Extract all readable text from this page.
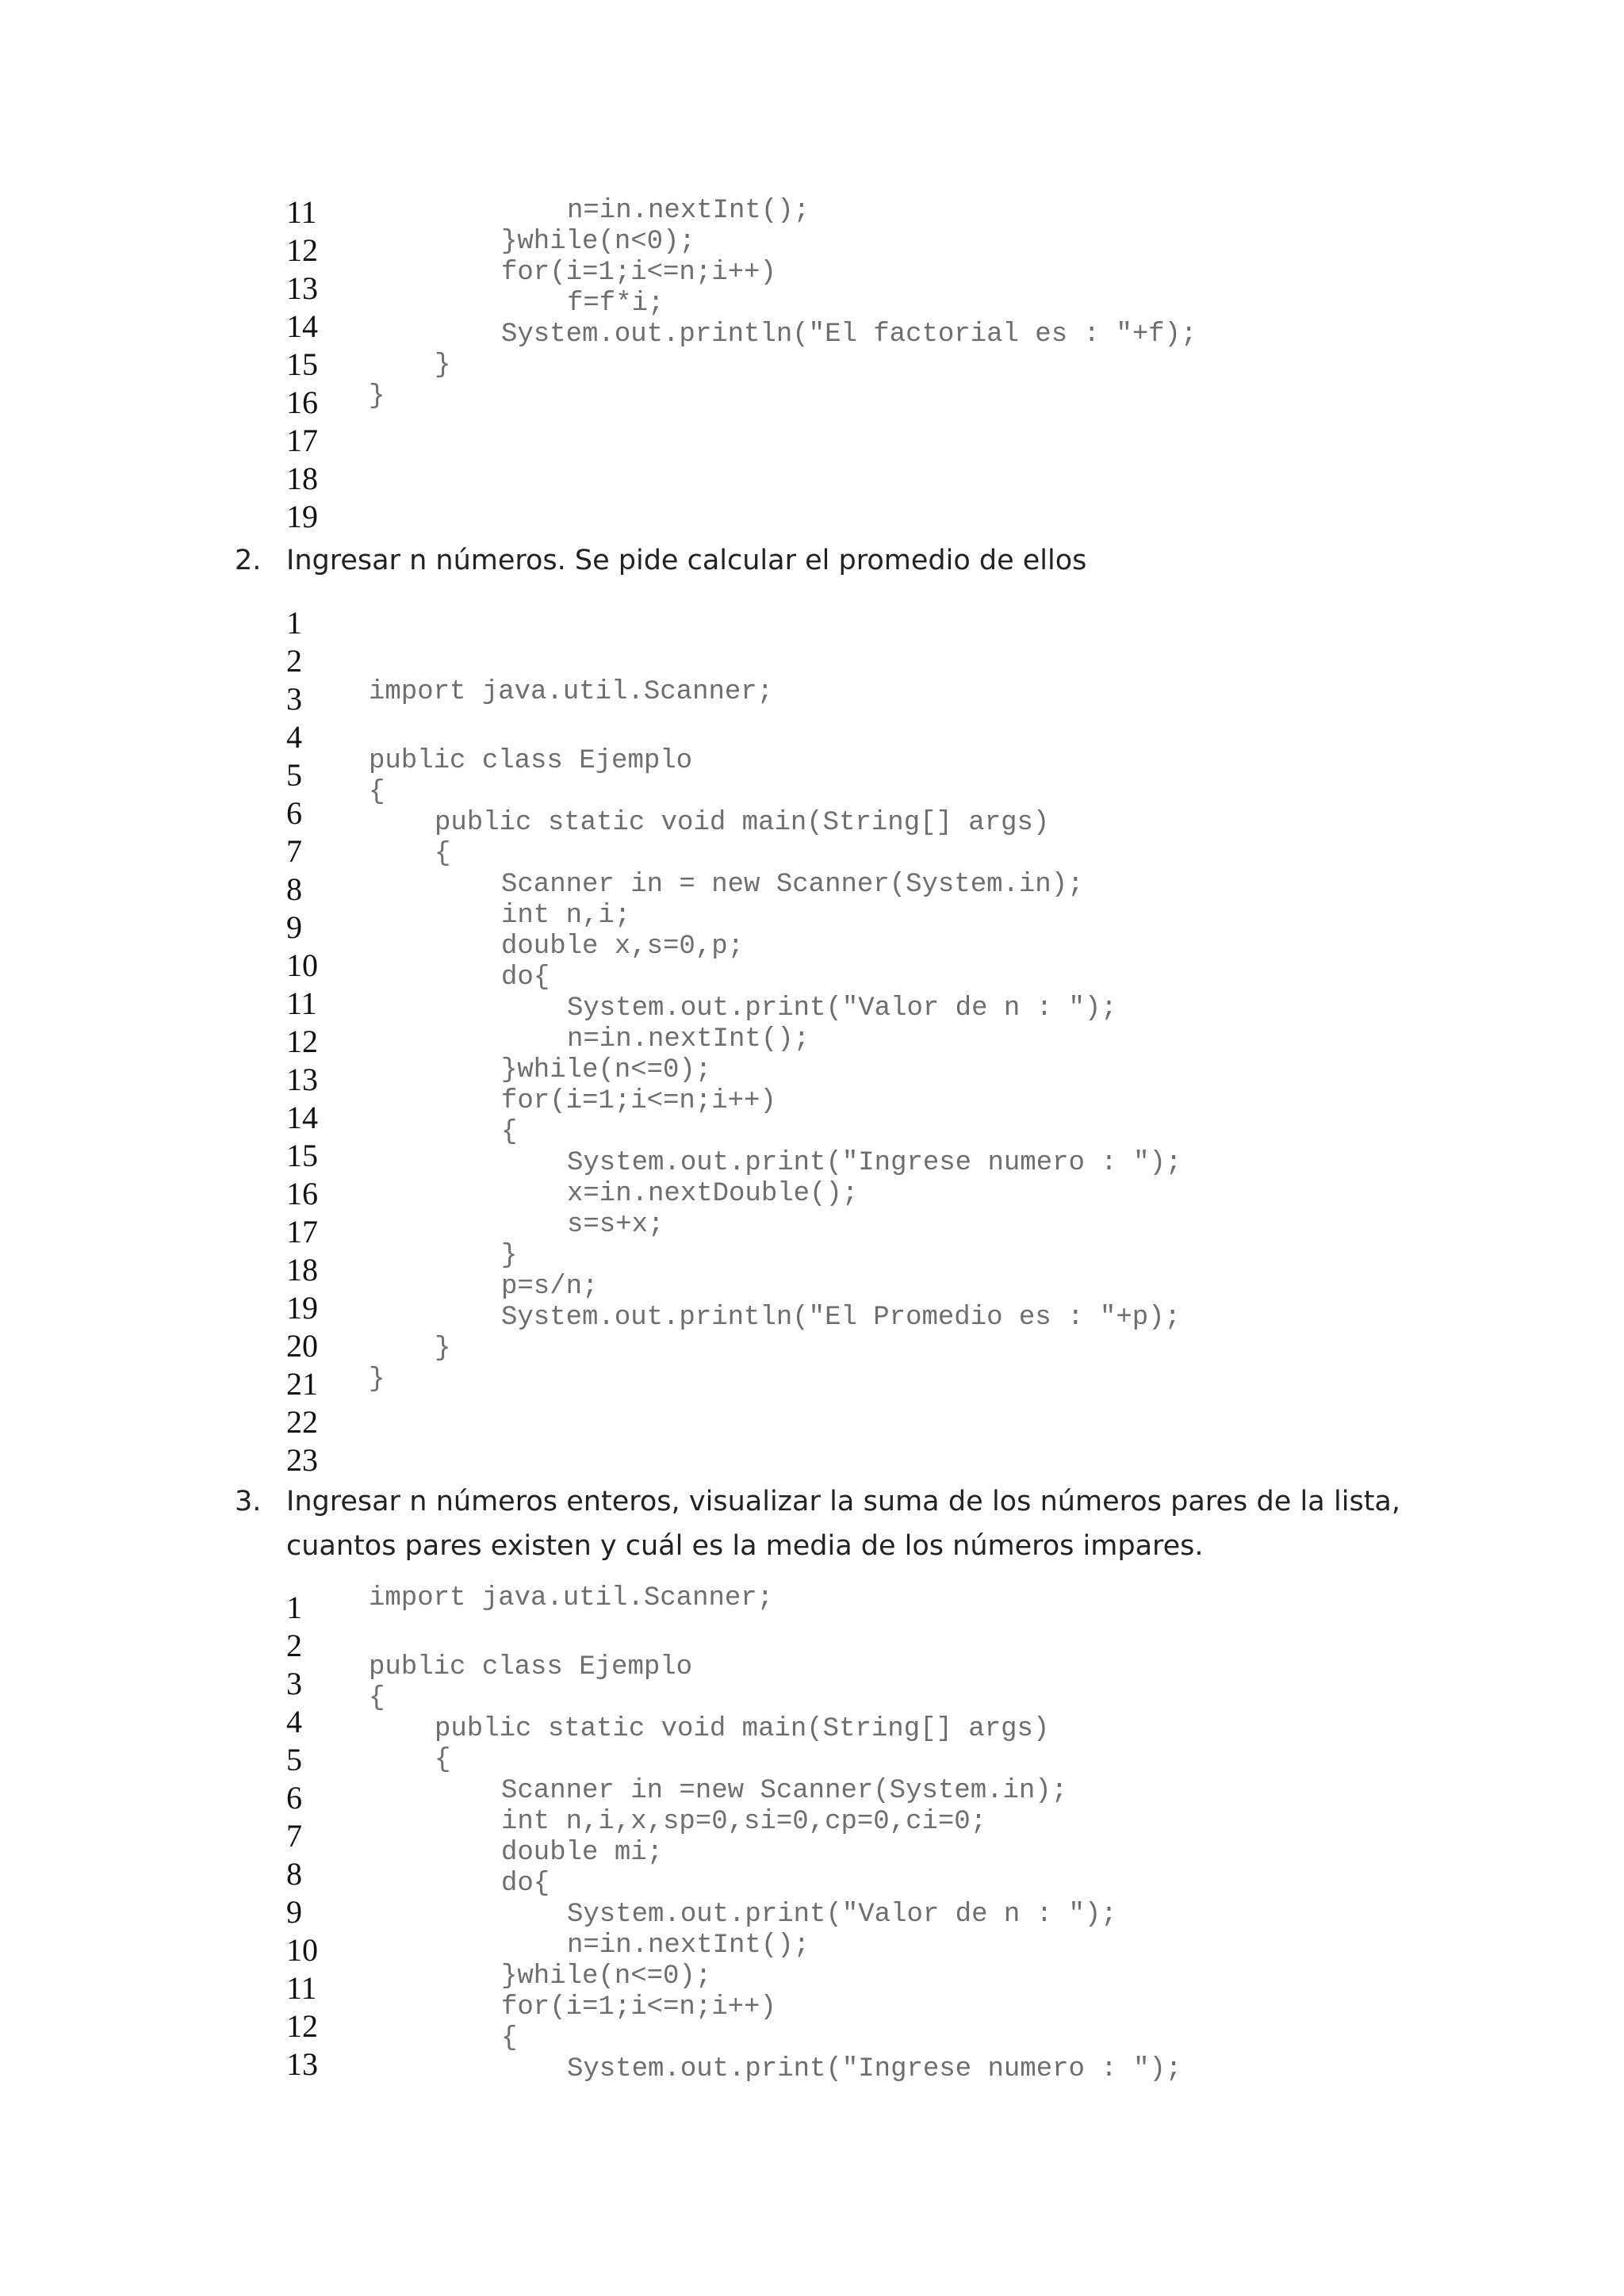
11
12
13
14
15
16
17
18
19
n=in.nextInt();
}while(n<0);
for(i=1;i<=n;i++)
f=f*i;
System.out.println("El factorial es : "+f);
}
}
2. Ingresar n números. Se pide calcular el promedio de ellos
1
2
3
4
5
6
7
8
9
10
11
12
13
14
15
16
17
18
19
20
21
22
23
import java.util.Scanner;
public class Ejemplo
{
public static void main(String[] args)
{
Scanner in = new Scanner(System.in);
int n,i;
double x,s=0,p;
do{
System.out.print("Valor de n : ");
n=in.nextInt();
}while(n<=0);
for(i=1;i<=n;i++)
{
System.out.print("Ingrese numero : ");
x=in.nextDouble();
s=s+x;
}
p=s/n;
System.out.println("El Promedio es : "+p);
}
}
3. Ingresar n números enteros, visualizar la suma de los números pares de la lista,
cuantos pares existen y cuál es la media de los números impares.
1
2
3
4
5
6
7
8
9
10
11
12
13
import java.util.Scanner;
public class Ejemplo
{
public static void main(String[] args)
{
Scanner in =new Scanner(System.in);
int n,i,x,sp=0,si=0,cp=0,ci=0;
double mi;
do{
System.out.print("Valor de n : ");
n=in.nextInt();
}while(n<=0);
for(i=1;i<=n;i++)
{
System.out.print("Ingrese numero : ");
